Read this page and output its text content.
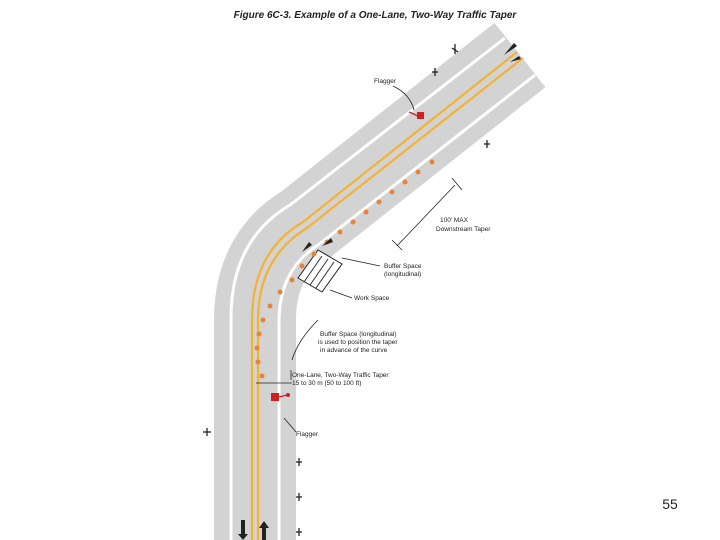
Figure 6C-3. Example of a One-Lane, Two-Way Traffic Taper
Flagger
100' MAX
Downstream Taper
Buffer Space
(longitudinal)
Work Space
Buffer Space (longitudinal)
is used to position the taper
in advance of the curve
One-Lane, Two-Way Traffic Taper
15 to 30 m (50 to 100 ft)
Flagger
55
